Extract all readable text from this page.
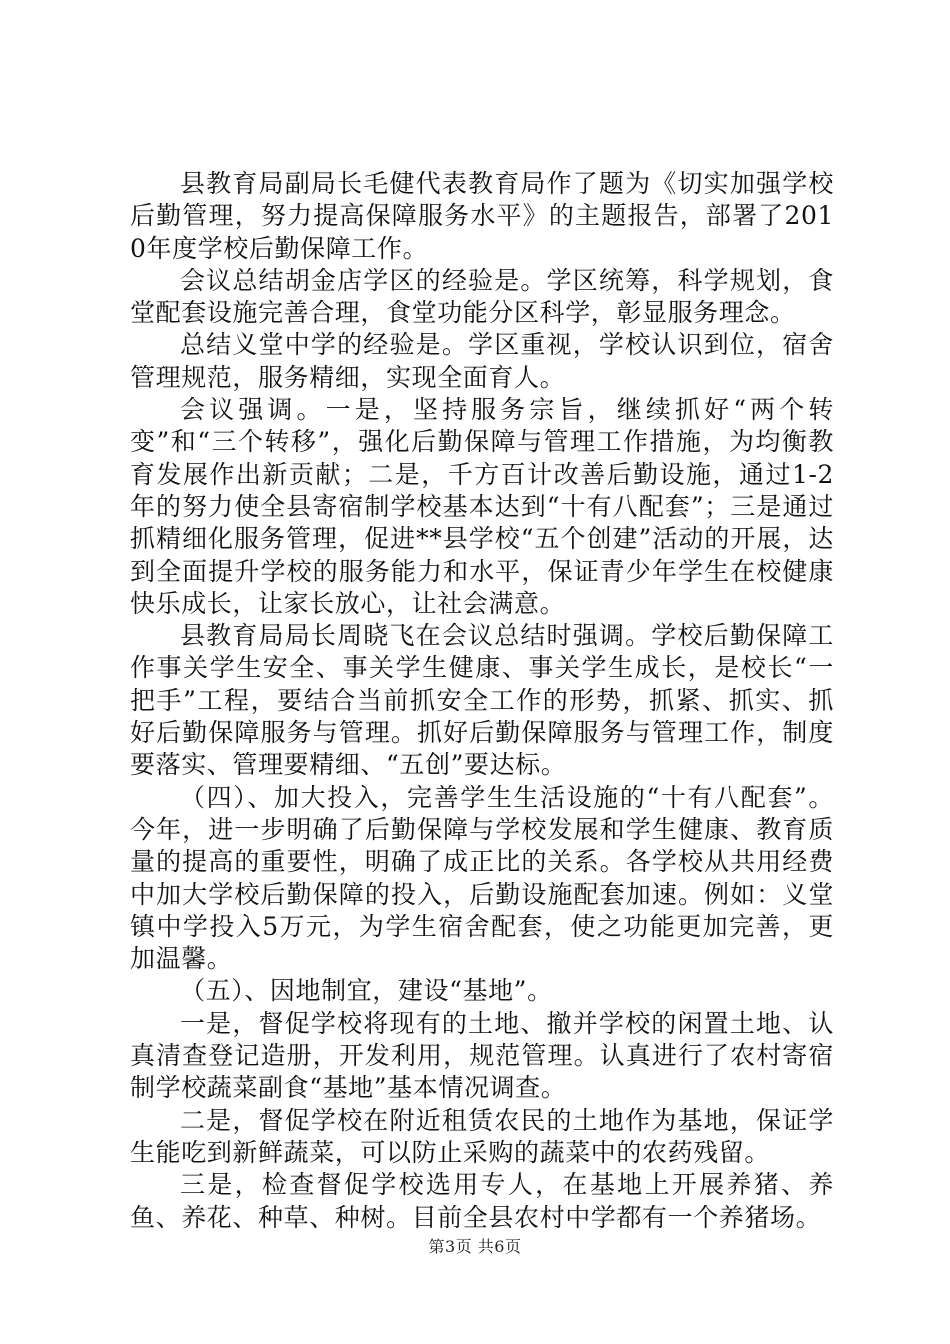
县教育局副局长毛健代表教育局作了题为《切实加强学校后勤管理，努力提高保障服务水平》的主题报告，部署了2010年度学校后勤保障工作。

会议总结胡金店学区的经验是。学区统筹，科学规划，食堂配套设施完善合理，食堂功能分区科学，彰显服务理念。

总结义堂中学的经验是。学区重视，学校认识到位，宿舍管理规范，服务精细，实现全面育人。

会议强调。一是，坚持服务宗旨，继续抓好“两个转变”和“三个转移”，强化后勤保障与管理工作措施，为均衡教育发展作出新贡献；二是，千方百计改善后勤设施，通过1-2年的努力使全县寄宿制学校基本达到“十有八配套”；三是通过抓精细化服务管理，促进**县学校“五个创建”活动的开展，达到全面提升学校的服务能力和水平，保证青少年学生在校健康快乐成长，让家长放心，让社会满意。

县教育局局长周晓飞在会议总结时强调。学校后勤保障工作事关学生安全、事关学生健康、事关学生成长，是校长“一把手”工程，要结合当前抓安全工作的形势，抓紧、抓实、抓好后勤保障服务与管理。抓好后勤保障服务与管理工作，制度要落实、管理要精细、“五创”要达标。

（四）、加大投入，完善学生生活设施的“十有八配套”。今年，进一步明确了后勤保障与学校发展和学生健康、教育质量的提高的重要性，明确了成正比的关系。各学校从共用经费中加大学校后勤保障的投入，后勤设施配套加速。例如：义堂镇中学投入5万元，为学生宿舍配套，使之功能更加完善，更加温馨。

（五）、因地制宜，建设“基地”。

一是，督促学校将现有的土地、撤并学校的闲置土地、认真清查登记造册，开发利用，规范管理。认真进行了农村寄宿制学校蔬菜副食“基地”基本情况调查。

二是，督促学校在附近租赁农民的土地作为基地，保证学生能吃到新鲜蔬菜，可以防止采购的蔬菜中的农药残留。

三是，检查督促学校选用专人，在基地上开展养猪、养鱼、养花、种草、种树。目前全县农村中学都有一个养猪场。

第3页 共6页
